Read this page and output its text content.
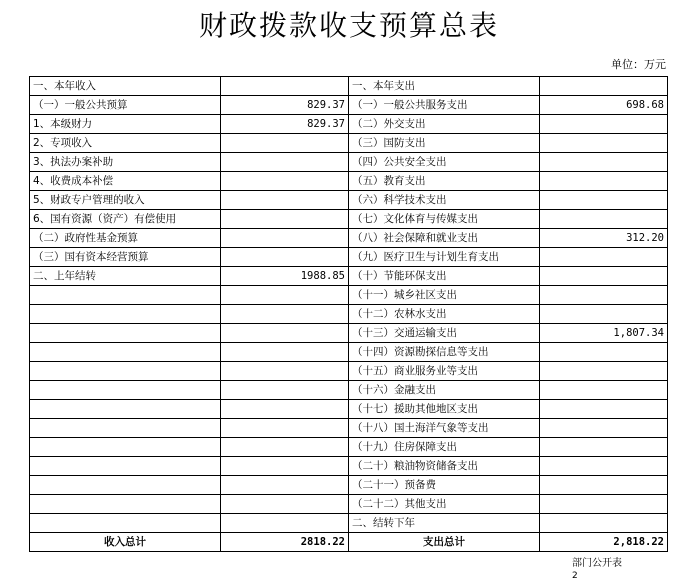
财政拨款收支预算总表
单位：万元
一、本年收入		一、本年支出	
（一）一般公共预算	829.37	（一）一般公共服务支出	698.68
1、本级财力	829.37	（二）外交支出	
2、专项收入		（三）国防支出	
3、执法办案补助		（四）公共安全支出	
4、收费成本补偿		（五）教育支出	
5、财政专户管理的收入		（六）科学技术支出	
6、国有资源（资产）有偿使用		（七）文化体育与传媒支出	
（二）政府性基金预算		（八）社会保障和就业支出	312.20
（三）国有资本经营预算		（九）医疗卫生与计划生育支出	
二、上年结转	1988.85	（十）节能环保支出	
		（十一）城乡社区支出	
		（十二）农林水支出	
		（十三）交通运输支出	1,807.34
		（十四）资源勘探信息等支出	
		（十五）商业服务业等支出	
		（十六）金融支出	
		（十七）援助其他地区支出	
		（十八）国土海洋气象等支出	
		（十九）住房保障支出	
		（二十）粮油物资储备支出	
		（二十一）预备费	
		（二十二）其他支出	
		二、结转下年	
收入总计	2818.22	支出总计	2,818.22
部门公开表
2
